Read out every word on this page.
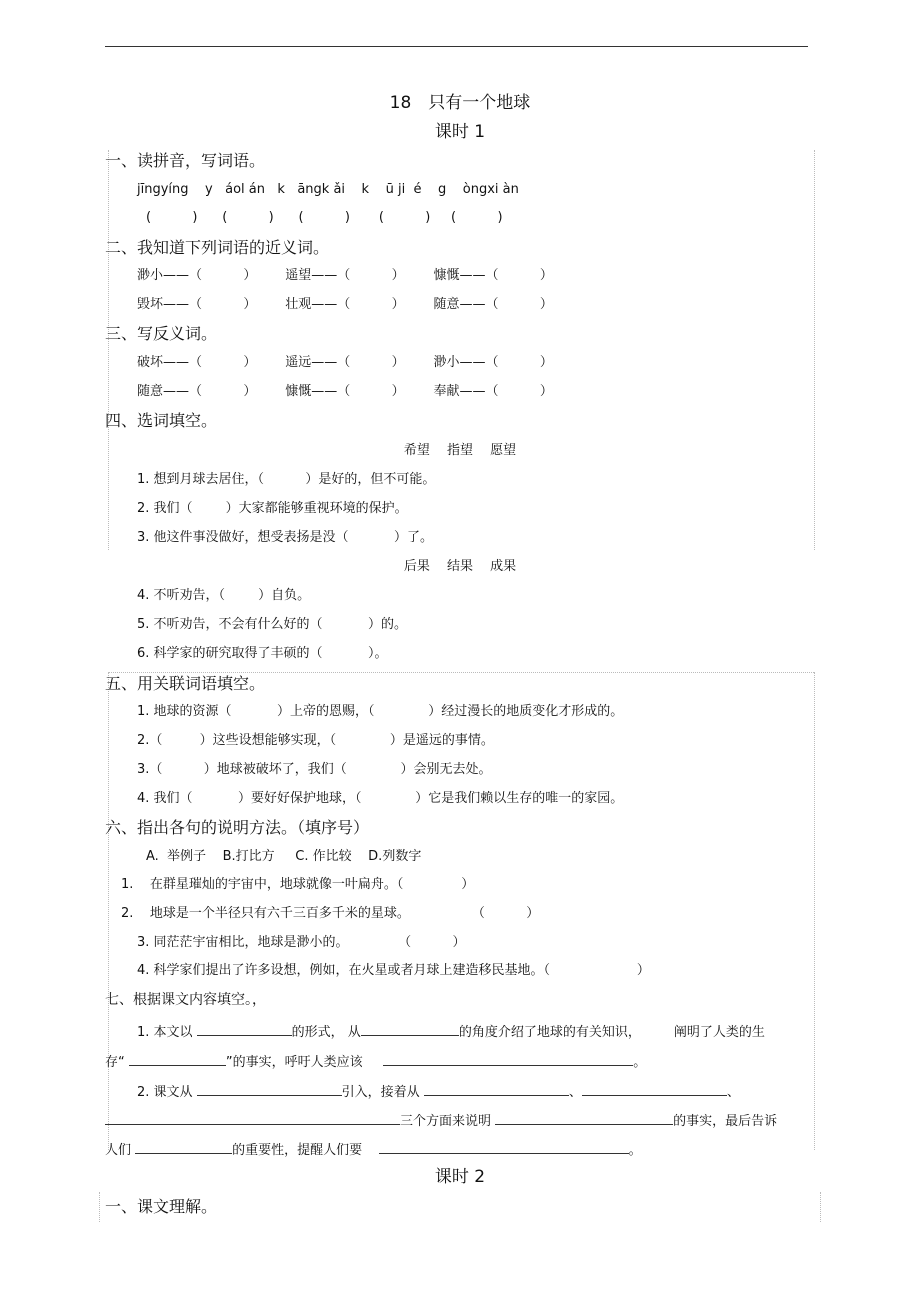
18　只有一个地球
课时 1
一、读拼音，写词语。
jīngyíng    y   áol án   k   āngk ǎi    k    ū ji  é    g    òngxi àn
(          )      (          )      (          )       (          )     (          )
二、我知道下列词语的近义词。
渺小——（          ）       遥望——（          ）       慷慨——（          ）
毁坏——（          ）       壮观——（          ）       随意——（          ）
三、写反义词。
破坏——（          ）       遥远——（          ）       渺小——（          ）
随意——（          ）       慷慨——（          ）       奉献——（          ）
四、选词填空。
希望　 指望　 愿望
1. 想到月球去居住，（          ）是好的，但不可能。
2. 我们（        ）大家都能够重视环境的保护。
3. 他这件事没做好，想受表扬是没（           ）了。
后果　 结果　 成果
4. 不听劝告，（        ）自负。
5. 不听劝告，不会有什么好的（           ）的。
6. 科学家的研究取得了丰硕的（           ）。
五、用关联词语填空。
1. 地球的资源（           ）上帝的恩赐，（             ）经过漫长的地质变化才形成的。
2.（         ）这些设想能够实现，（             ）是遥远的事情。
3.（          ）地球被破坏了，我们（             ）会别无去处。
4. 我们（           ）要好好保护地球，（             ）它是我们赖以生存的唯一的家园。
六、指出各句的说明方法。（填序号）
A.  举例子    B.打比方     C. 作比较    D.列数字
1.    在群星璀灿的宇宙中，地球就像一叶扁舟。（              ）
2.    地球是一个半径只有六千三百多千米的星球。               （          ）
3. 同茫茫宇宙相比，地球是渺小的。            （          ）
4. 科学家们提出了许多设想，例如，在火星或者月球上建造移民基地。（                     ）
七、根据课文内容填空。，
1. 本文以	的形式， 从	的角度介绍了地球的有关知识，        阐明了人类的生
存“	”的事实，呼吁人类应该	。
2. 课文从	引入，接着从	、	、
三个方面来说明	的事实，最后告诉
人们	的重要性，提醒人们要	。
课时 2
一、课文理解。
